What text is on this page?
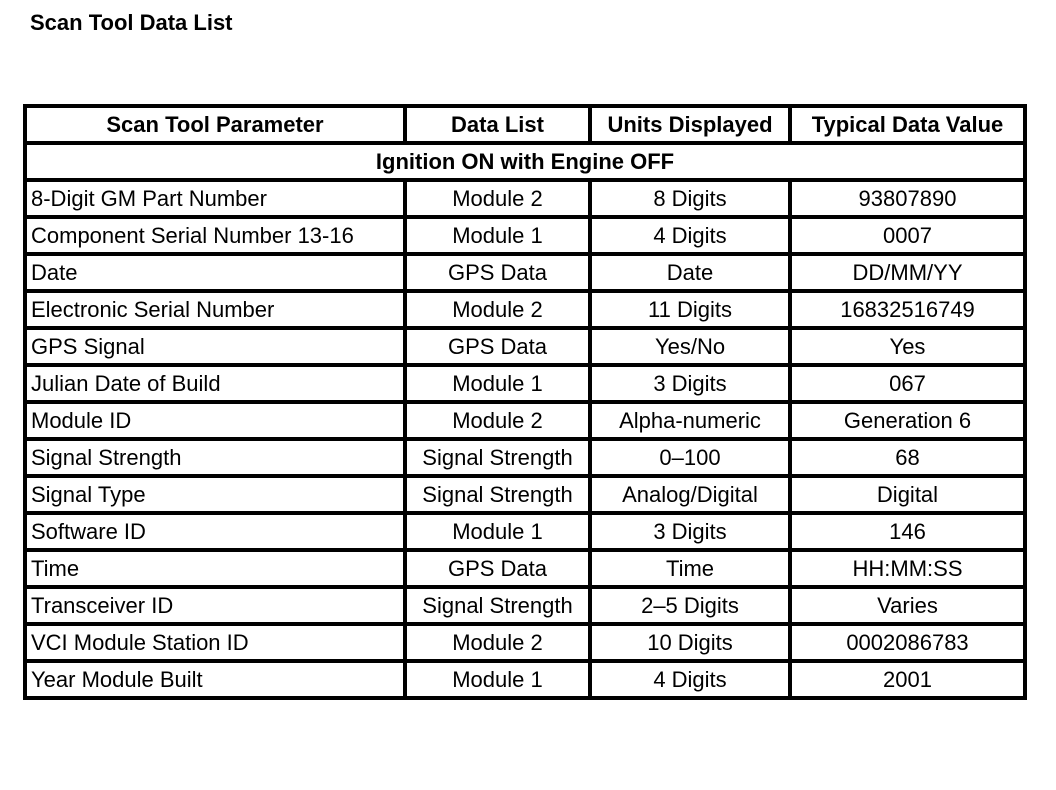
Scan Tool Data List
Scan Tool Parameter	Data List	Units Displayed	Typical Data Value
Ignition ON with Engine OFF			
8-Digit GM Part Number	Module 2	8 Digits	93807890
Component Serial Number 13-16	Module 1	4 Digits	0007
Date	GPS Data	Date	DD/MM/YY
Electronic Serial Number	Module 2	11 Digits	16832516749
GPS Signal	GPS Data	Yes/No	Yes
Julian Date of Build	Module 1	3 Digits	067
Module ID	Module 2	Alpha-numeric	Generation 6
Signal Strength	Signal Strength	0–100	68
Signal Type	Signal Strength	Analog/Digital	Digital
Software ID	Module 1	3 Digits	146
Time	GPS Data	Time	HH:MM:SS
Transceiver ID	Signal Strength	2–5 Digits	Varies
VCI Module Station ID	Module 2	10 Digits	0002086783
Year Module Built	Module 1	4 Digits	2001
